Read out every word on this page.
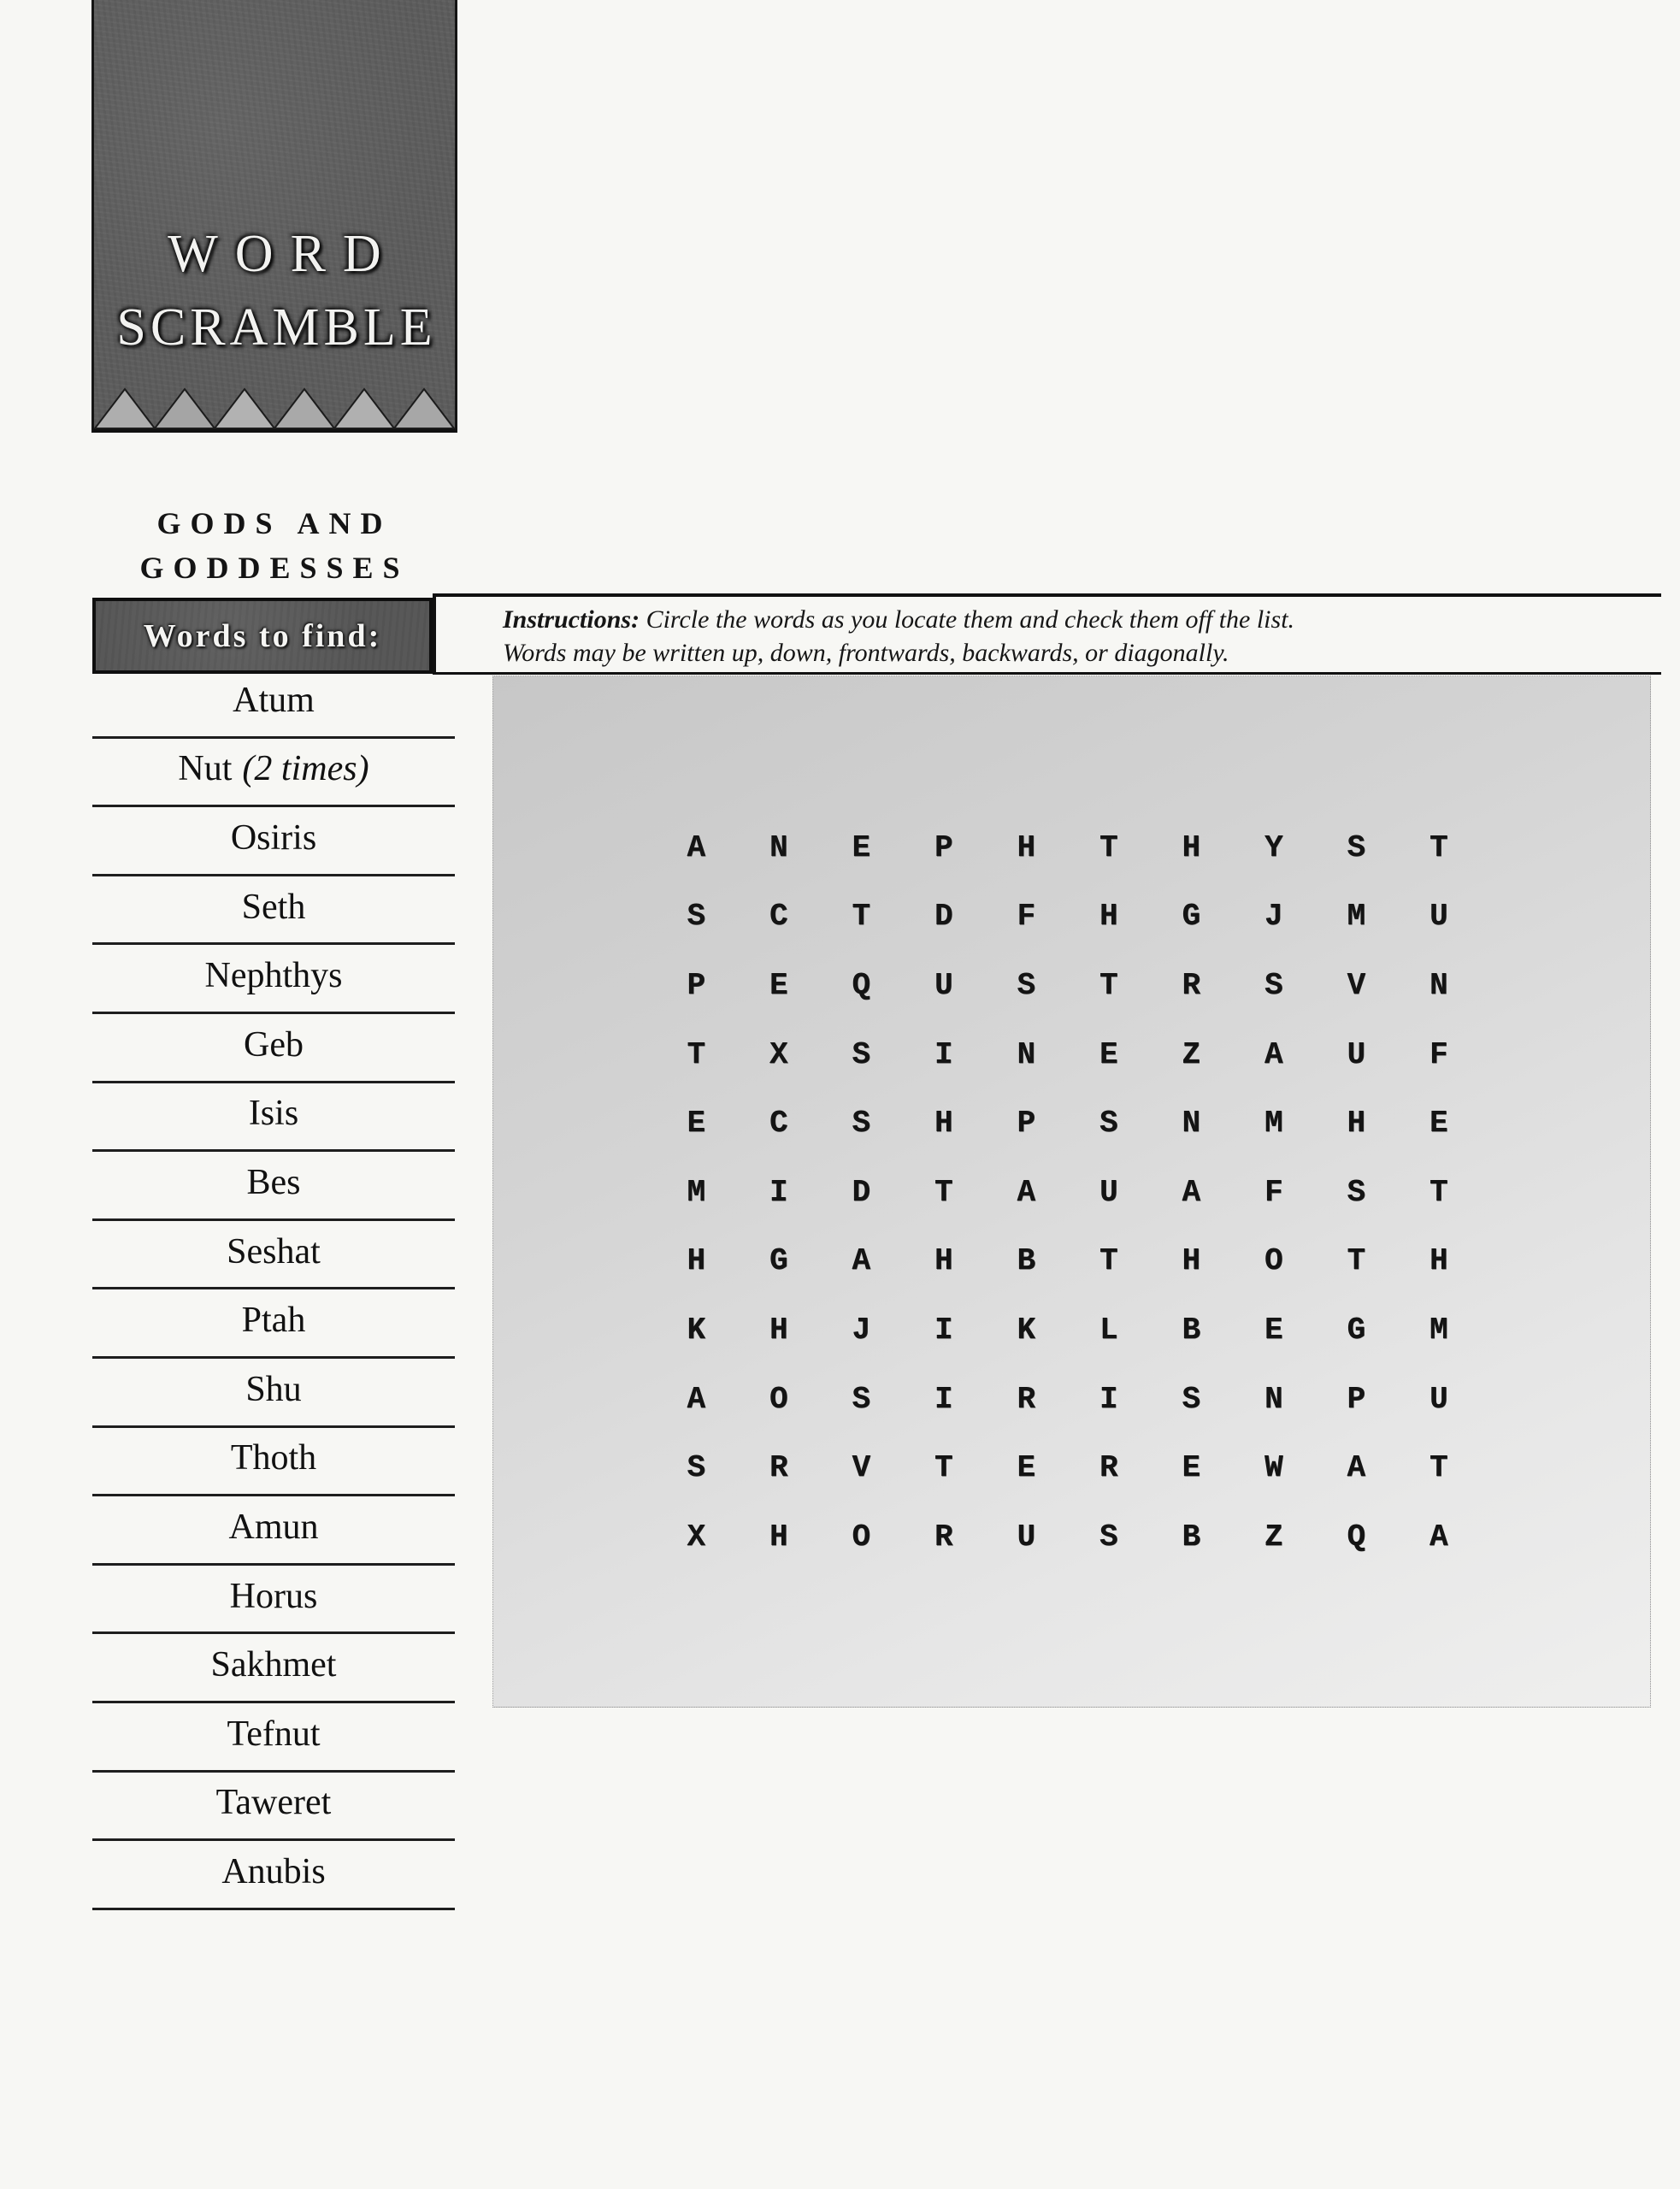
WORD
SCRAMBLE
GODS AND
GODDESSES
Words to find:	Instructions: Circle the words as you locate them and check them off the list.
Words may be written up, down, frontwards, backwards, or diagonally.
Atum
Nut (2 times)
Osiris
Seth
Nephthys
Geb
Isis
Bes
Seshat
Ptah
Shu
Thoth
Amun
Horus
Sakhmet
Tefnut
Taweret
Anubis
A	N	E	P	H	T	H	Y	S	T
S	C	T	D	F	H	G	J	M	U
P	E	Q	U	S	T	R	S	V	N
T	X	S	I	N	E	Z	A	U	F
E	C	S	H	P	S	N	M	H	E
M	I	D	T	A	U	A	F	S	T
H	G	A	H	B	T	H	O	T	H
K	H	J	I	K	L	B	E	G	M
A	O	S	I	R	I	S	N	P	U
S	R	V	T	E	R	E	W	A	T
X	H	O	R	U	S	B	Z	Q	A
